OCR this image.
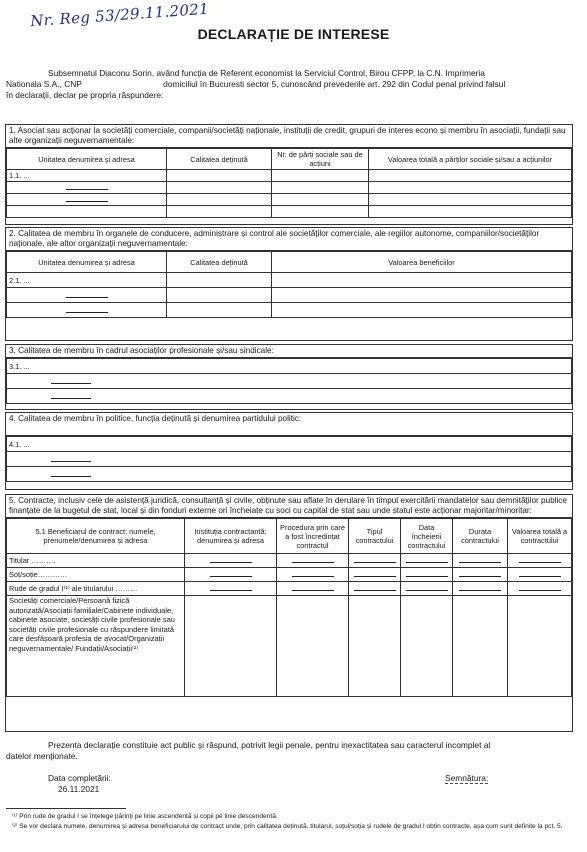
Nr. Reg 53/29.11.2021
DECLARAȚIE DE INTERESE
Subsemnatul Diaconu Sorin, având funcția de Referent economist la Serviciul Control, Birou CFPP, la C.N. Imprimeria
Nationala S.A., CNP                                   domiciliul în Bucuresti sector 5, cunoscând prevederile art. 292 din Codul penal privind falsul
în declarații, declar pe propria răspundere:
1. Asociat sau acționar la societăți comerciale, companii/societăți naționale, instituții de credit, grupuri de interes econo și membru în asociații, fundații sau alte organizații neguvernamentale:
Unitatea denumirea și adresa	Calitatea deținută	Nr. de părți sociale sau de acțiuni	Valoarea totală a părților sociale și/sau a acțiunilor
1.1. ...			

2. Calitatea de membru în organele de conducere, administrare și control ale societăților comerciale, ale regiilor autonome, companiilor/societăților naționale, ale altor organizații neguvernamentale:
Unitatea denumirea și adresa	Calitatea deținută	Valoarea beneficiilor
2.1. ...		

3. Calitatea de membru în cadrul asociaților profesionale și/sau sindicale:
3.1. ...

4. Calitatea de membru în politice, funcția deținută și denumirea partidului politic:
4.1. ...

5. Contracte, inclusiv cele de asistență juridică, consultanță și civile, obținute sau aflate în derulare în timpul exercitării mandatelor sau demnităților publice finanțate de la bugetul de stat, local și din fonduri externe ori încheiate cu soci cu capital de stat sau unde statul este acționar majoritar/minoritar:
5.1 Beneficiarul de contract: numele, prenumele/denumirea și adresa	Instituția contractantă: denumirea și adresa	Procedura prin care a fost încredințat contractul	Tipul contractului	Data încheierii contractului	Durata contractului	Valoarea totală a contractului
Titular ……….						
Soț/soție…………						
Rude de gradul I⁽¹⁾ ale titularului ………						
Societăți comerciale/Persoană fizică autorizată/Asociații familiale/Cabinete individuale, cabinete asociate, societăți civile profesionale sau societăți civile profesionale cu răspundere limitată care desfășoară profesia de avocat/Organizații neguvernamentale/ Fundații/Asociații⁽²⁾						
Prezenta declarație constituie act public și răspund, potrivit legii penale, pentru inexactitatea sau caracterul incomplet al
datelor menționate.
Data completării:
26.11.2021
Semnătura:
⁽¹⁾ Prin rude de gradul I se înțelege părinți pe linie ascendentă și copii pe linie descendentă.
⁽²⁾ Se vor declara numele, denumirea și adresa beneficiarului de contract unde, prin calitatea deținută, titularul, soțul/soția și rudele de gradul I obțin contracte, așa cum sunt definite la pct. 5.
